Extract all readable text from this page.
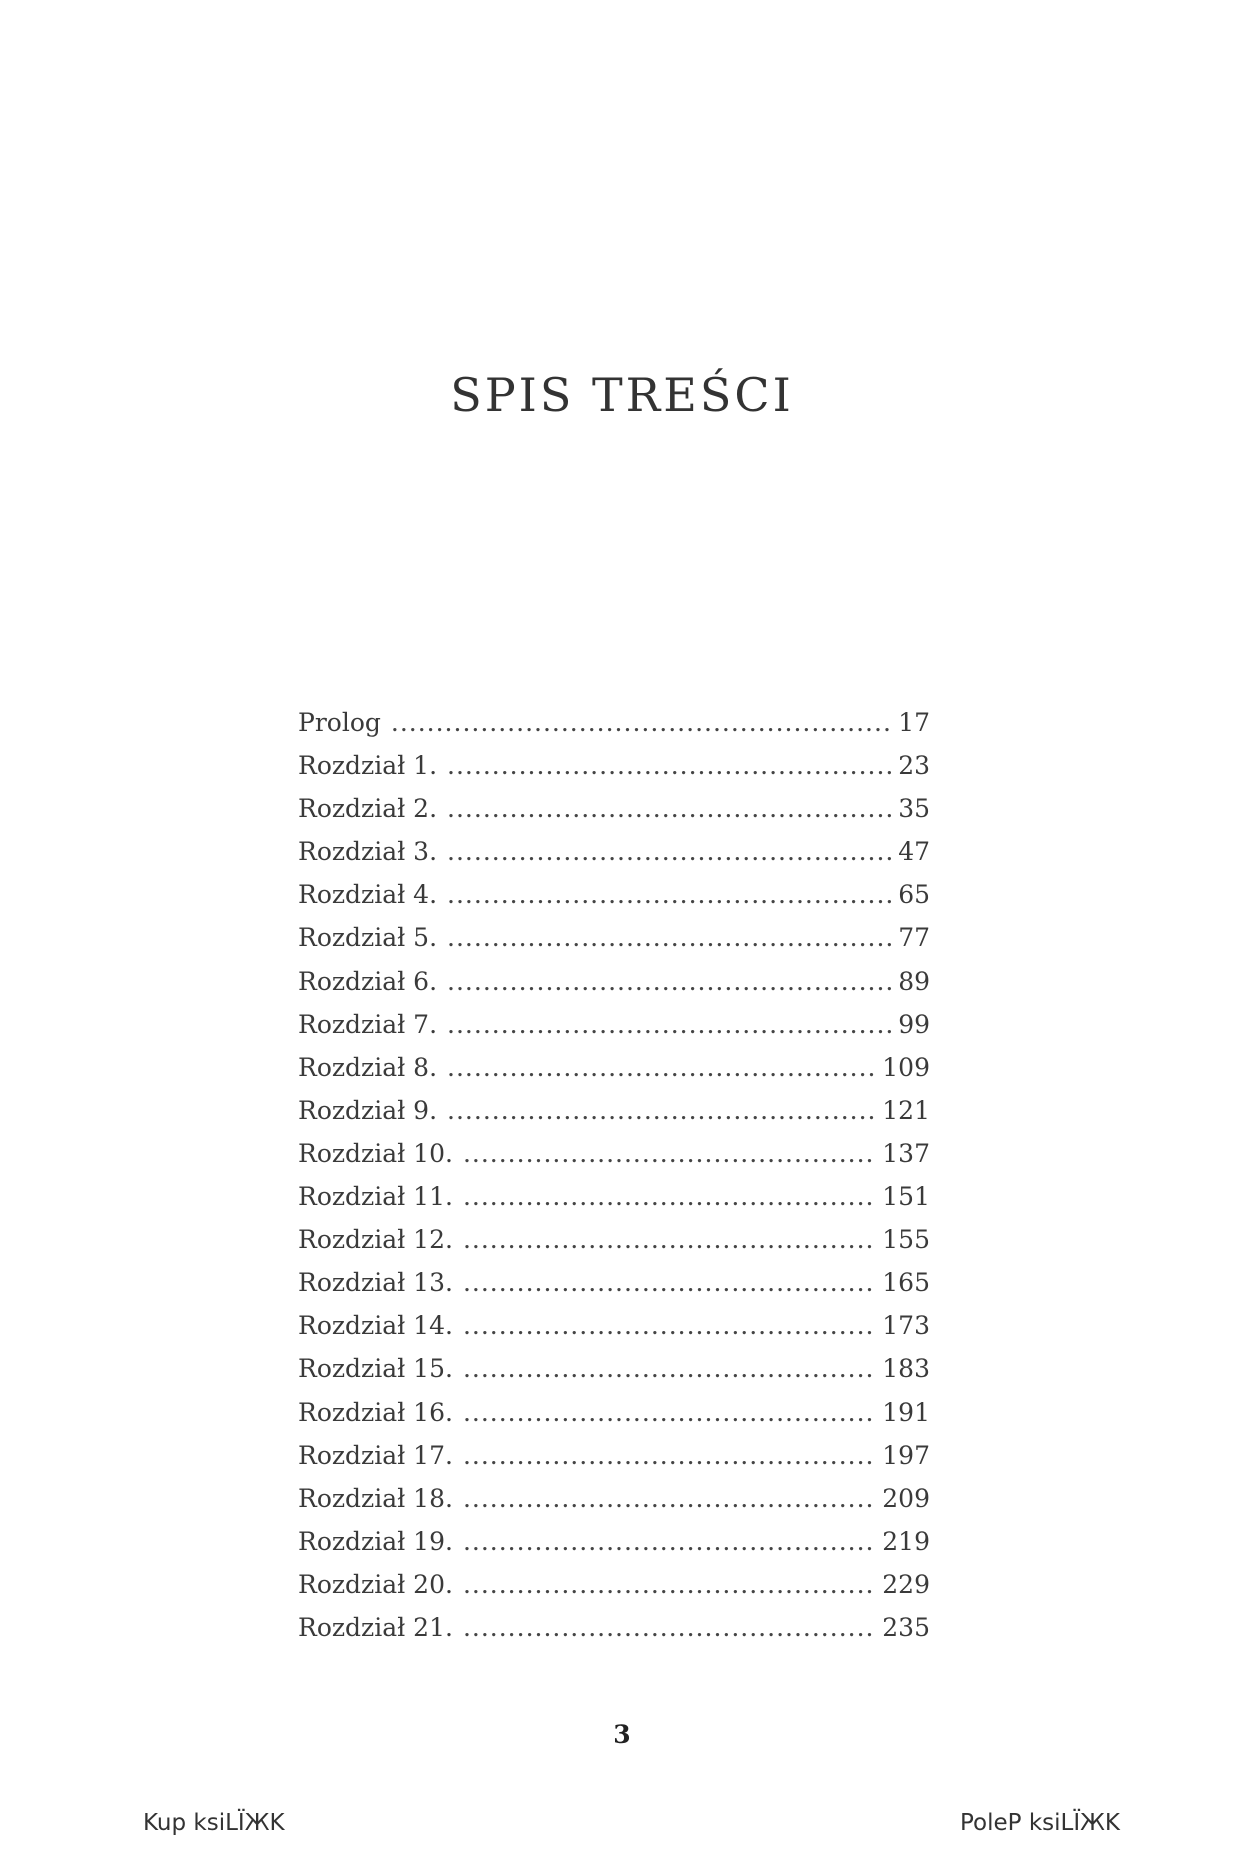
SPIS TREŚCI
Prolog .....	17
Rozdział 1. .....	23
Rozdział 2. .....	35
Rozdział 3. .....	47
Rozdział 4. .....	65
Rozdział 5. .....	77
Rozdział 6. .....	89
Rozdział 7. .....	99
Rozdział 8. .....	109
Rozdział 9. .....	121
Rozdział 10. .....	137
Rozdział 11. .....	151
Rozdział 12. .....	155
Rozdział 13. .....	165
Rozdział 14. .....	173
Rozdział 15. .....	183
Rozdział 16. .....	191
Rozdział 17. .....	197
Rozdział 18. .....	209
Rozdział 19. .....	219
Rozdział 20. .....	229
Rozdział 21. .....	235
3
Kup ksiLЇЖK	PoleP ksiLЇЖK
